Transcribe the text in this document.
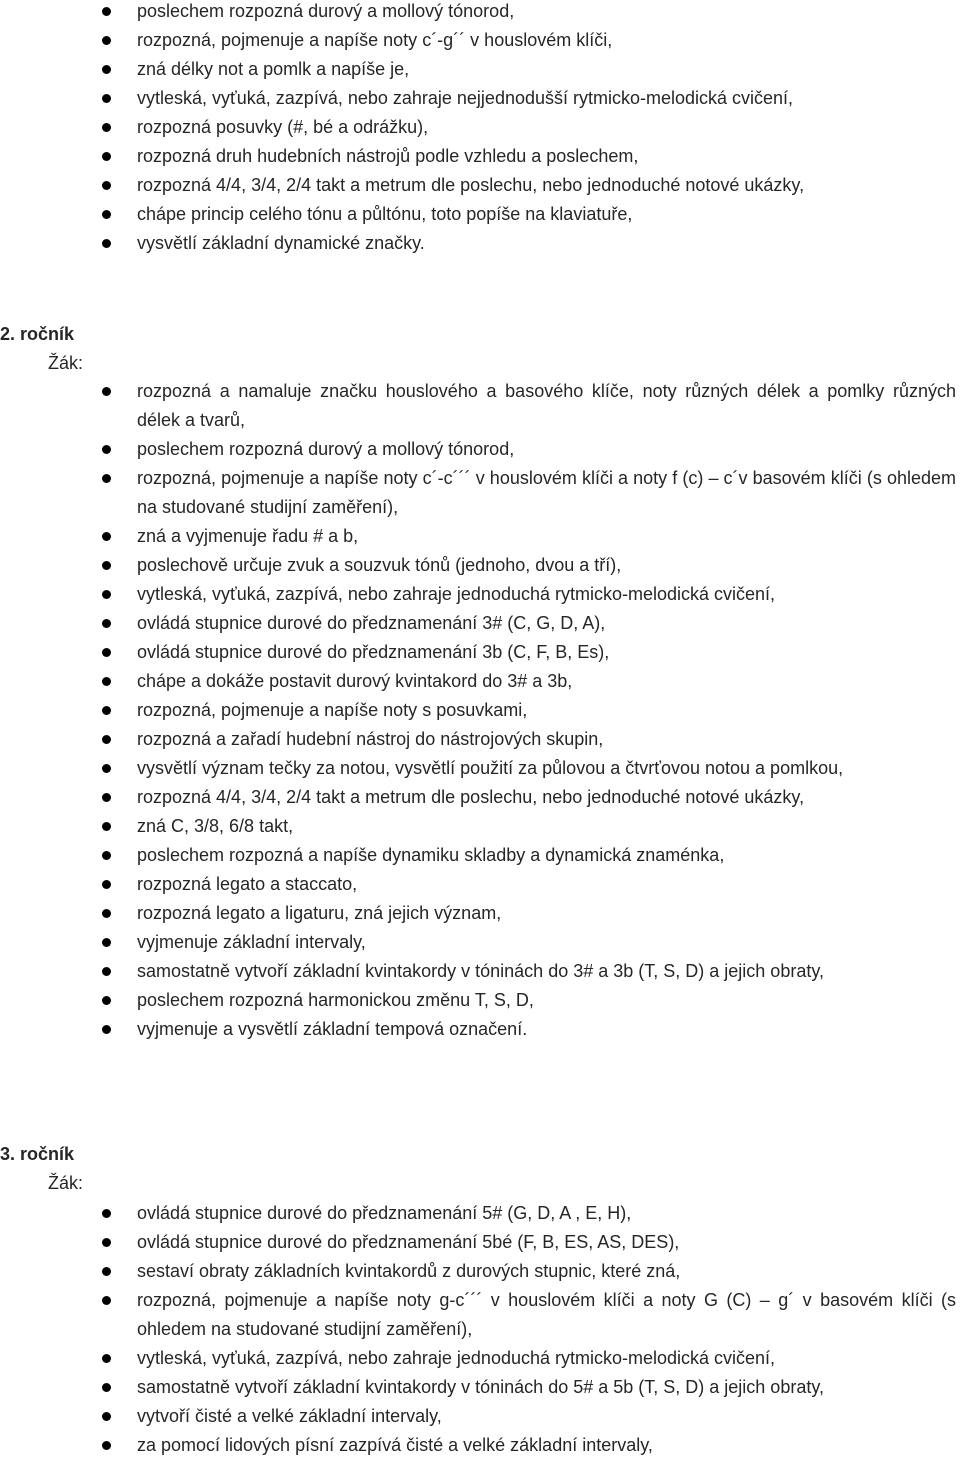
poslechem rozpozná durový a mollový tónorod,
rozpozná, pojmenuje a napíše noty c´-g´´ v houslovém klíči,
zná délky not a pomlk a napíše je,
vytleská, vyťuká, zazpívá, nebo zahraje nejjednodušší rytmicko-melodická cvičení,
rozpozná posuvky (#, bé a odrážku),
rozpozná druh hudebních nástrojů podle vzhledu a poslechem,
rozpozná 4/4, 3/4, 2/4 takt a metrum dle poslechu, nebo jednoduché notové ukázky,
chápe princip celého tónu a půltónu, toto popíše na klaviatuře,
vysvětlí základní dynamické značky.
2. ročník
Žák:
rozpozná a namaluje značku houslového a basového klíče, noty různých délek a pomlky různých délek a tvarů,
poslechem rozpozná durový a mollový tónorod,
rozpozná, pojmenuje a napíše noty c´-c´´´ v houslovém klíči a noty f (c) – c´v basovém klíči (s ohledem na studované studijní zaměření),
zná a vyjmenuje řadu # a b,
poslechově určuje zvuk a souzvuk tónů (jednoho, dvou a tří),
vytleská, vyťuká, zazpívá, nebo zahraje jednoduchá rytmicko-melodická cvičení,
ovládá stupnice durové do předznamenání 3# (C, G, D, A),
ovládá stupnice durové do předznamenání 3b (C, F, B, Es),
chápe a dokáže postavit durový kvintakord do 3# a 3b,
rozpozná, pojmenuje a napíše noty s posuvkami,
rozpozná a zařadí hudební nástroj do nástrojových skupin,
vysvětlí význam tečky za notou, vysvětlí použití za půlovou a čtvrťovou notou a pomlkou,
rozpozná 4/4, 3/4, 2/4 takt a metrum dle poslechu, nebo jednoduché notové ukázky,
zná C, 3/8, 6/8 takt,
poslechem rozpozná a napíše dynamiku skladby a dynamická znaménka,
rozpozná legato a staccato,
rozpozná legato a ligaturu, zná jejich význam,
vyjmenuje základní intervaly,
samostatně vytvoří základní kvintakordy v tóninách do 3# a 3b (T, S, D) a jejich obraty,
poslechem rozpozná harmonickou změnu T, S, D,
vyjmenuje a vysvětlí základní tempová označení.
3. ročník
Žák:
ovládá stupnice durové do předznamenání 5# (G, D, A , E, H),
ovládá stupnice durové do předznamenání 5bé (F, B, ES, AS, DES),
sestaví obraty základních kvintakordů z durových stupnic, které zná,
rozpozná, pojmenuje a napíše noty g-c´´´ v houslovém klíči a noty G (C) – g´ v basovém klíči (s ohledem na studované studijní zaměření),
vytleská, vyťuká, zazpívá, nebo zahraje jednoduchá rytmicko-melodická cvičení,
samostatně vytvoří základní kvintakordy v tóninách do 5# a 5b (T, S, D) a jejich obraty,
vytvoří čisté a velké základní intervaly,
za pomocí lidových písní zazpívá čisté a velké základní intervaly,
